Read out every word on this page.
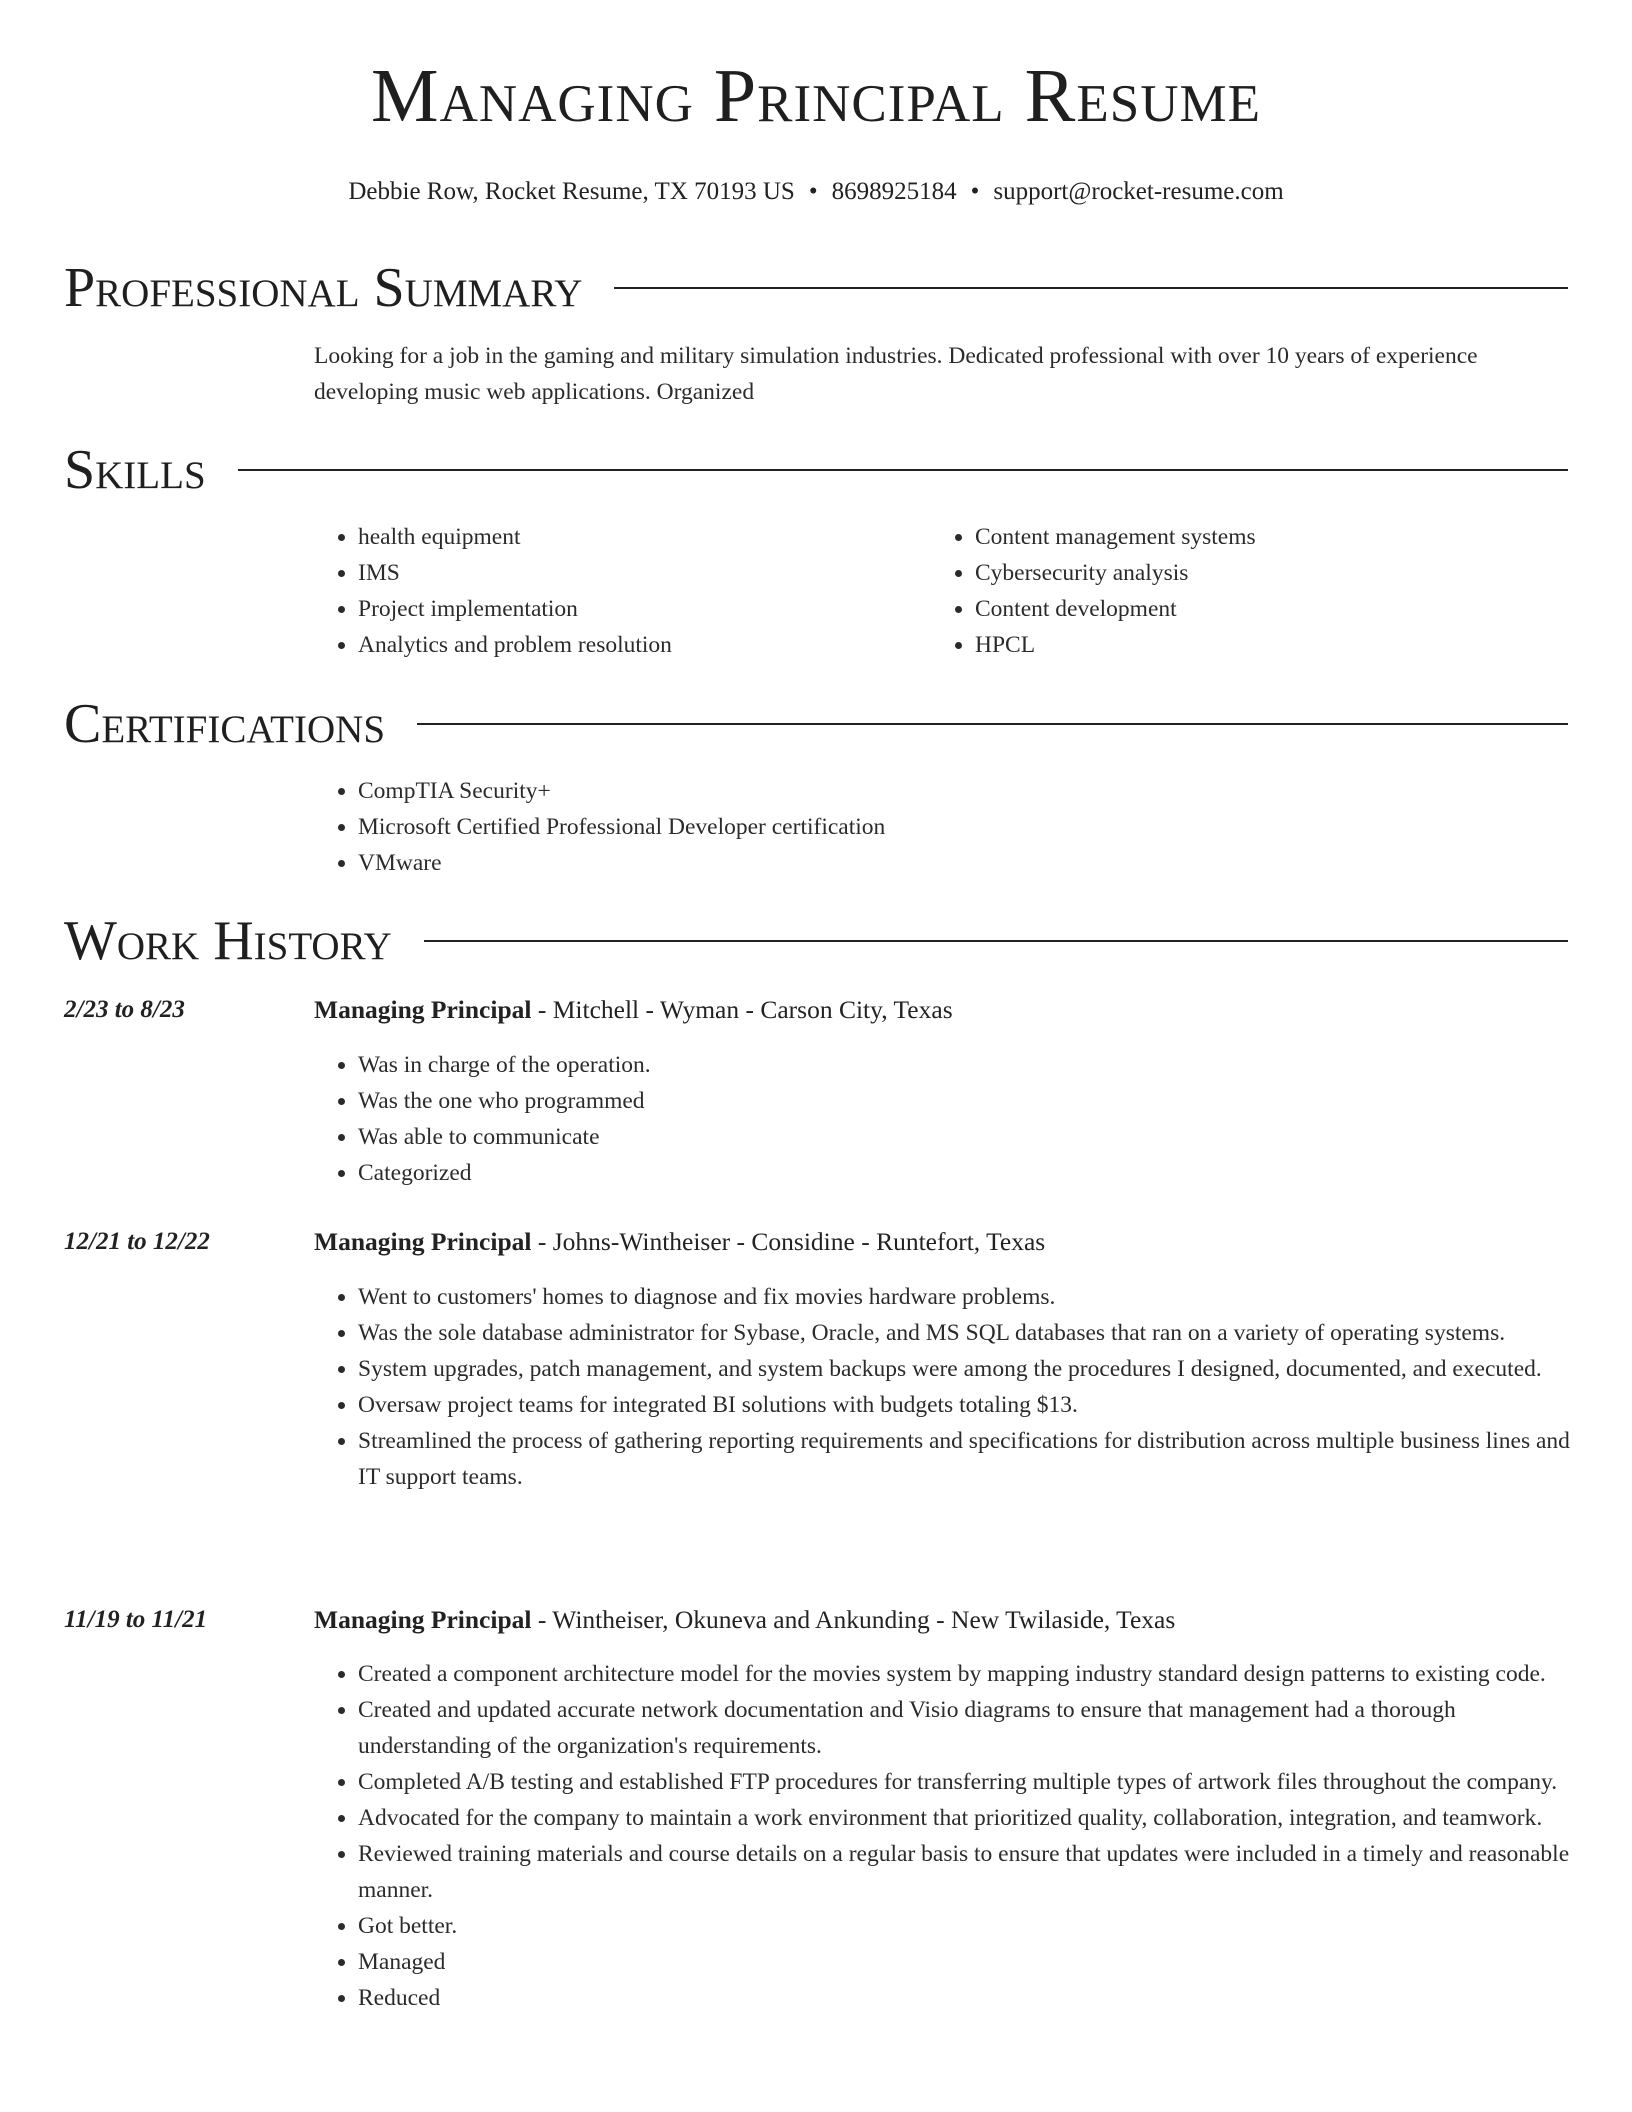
Managing Principal Resume
Debbie Row, Rocket Resume, TX 70193 US • 8698925184 • support@rocket-resume.com
Professional Summary
Looking for a job in the gaming and military simulation industries. Dedicated professional with over 10 years of experience developing music web applications. Organized
Skills
• health equipment
• IMS
• Project implementation
• Analytics and problem resolution
• Content management systems
• Cybersecurity analysis
• Content development
• HPCL
Certifications
• CompTIA Security+
• Microsoft Certified Professional Developer certification
• VMware
Work History
2/23 to 8/23	Managing Principal - Mitchell - Wyman - Carson City, Texas
• Was in charge of the operation.
• Was the one who programmed
• Was able to communicate
• Categorized
12/21 to 12/22	Managing Principal - Johns-Wintheiser - Considine - Runtefort, Texas
• Went to customers' homes to diagnose and fix movies hardware problems.
• Was the sole database administrator for Sybase, Oracle, and MS SQL databases that ran on a variety of operating systems.
• System upgrades, patch management, and system backups were among the procedures I designed, documented, and executed.
• Oversaw project teams for integrated BI solutions with budgets totaling $13.
• Streamlined the process of gathering reporting requirements and specifications for distribution across multiple business lines and IT support teams.
11/19 to 11/21	Managing Principal - Wintheiser, Okuneva and Ankunding - New Twilaside, Texas
• Created a component architecture model for the movies system by mapping industry standard design patterns to existing code.
• Created and updated accurate network documentation and Visio diagrams to ensure that management had a thorough understanding of the organization's requirements.
• Completed A/B testing and established FTP procedures for transferring multiple types of artwork files throughout the company.
• Advocated for the company to maintain a work environment that prioritized quality, collaboration, integration, and teamwork.
• Reviewed training materials and course details on a regular basis to ensure that updates were included in a timely and reasonable manner.
• Got better.
• Managed
• Reduced
